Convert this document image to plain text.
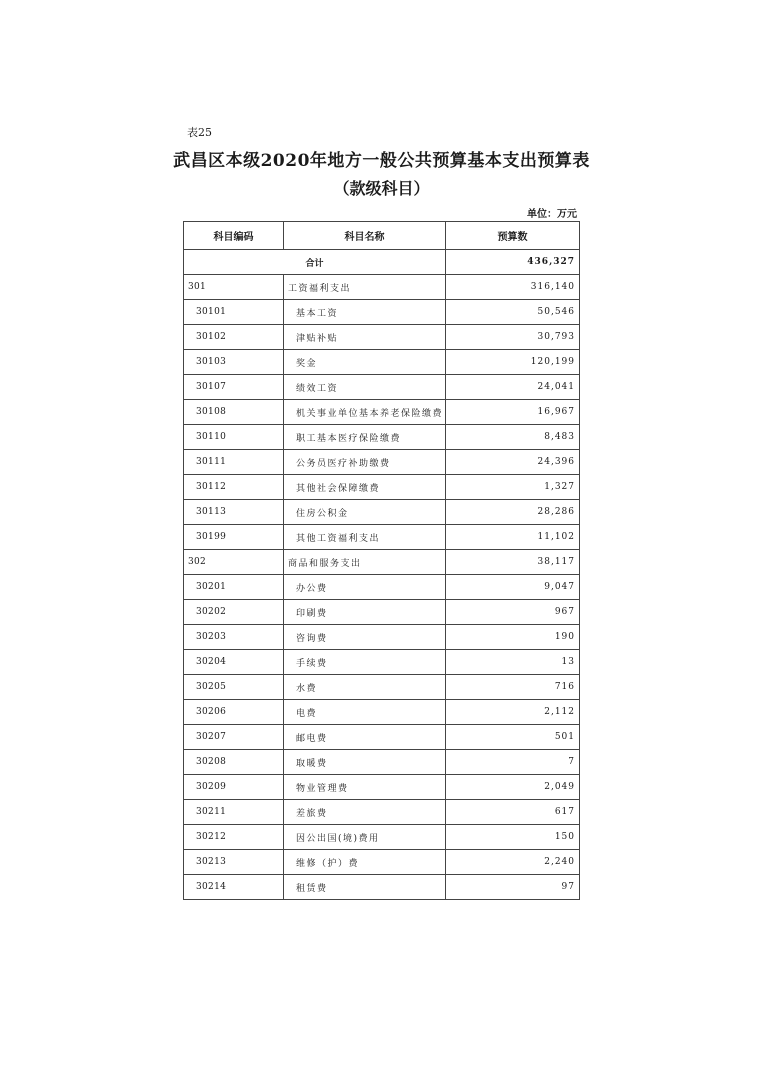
表25
武昌区本级2020年地方一般公共预算基本支出预算表
（款级科目）
单位：万元
科目编码	科目名称	预算数
合计		436,327
301	工资福利支出	316,140
30101	基本工资	50,546
30102	津贴补贴	30,793
30103	奖金	120,199
30107	绩效工资	24,041
30108	机关事业单位基本养老保险缴费	16,967
30110	职工基本医疗保险缴费	8,483
30111	公务员医疗补助缴费	24,396
30112	其他社会保障缴费	1,327
30113	住房公积金	28,286
30199	其他工资福利支出	11,102
302	商品和服务支出	38,117
30201	办公费	9,047
30202	印刷费	967
30203	咨询费	190
30204	手续费	13
30205	水费	716
30206	电费	2,112
30207	邮电费	501
30208	取暖费	7
30209	物业管理费	2,049
30211	差旅费	617
30212	因公出国(境)费用	150
30213	维修（护）费	2,240
30214	租赁费	97
